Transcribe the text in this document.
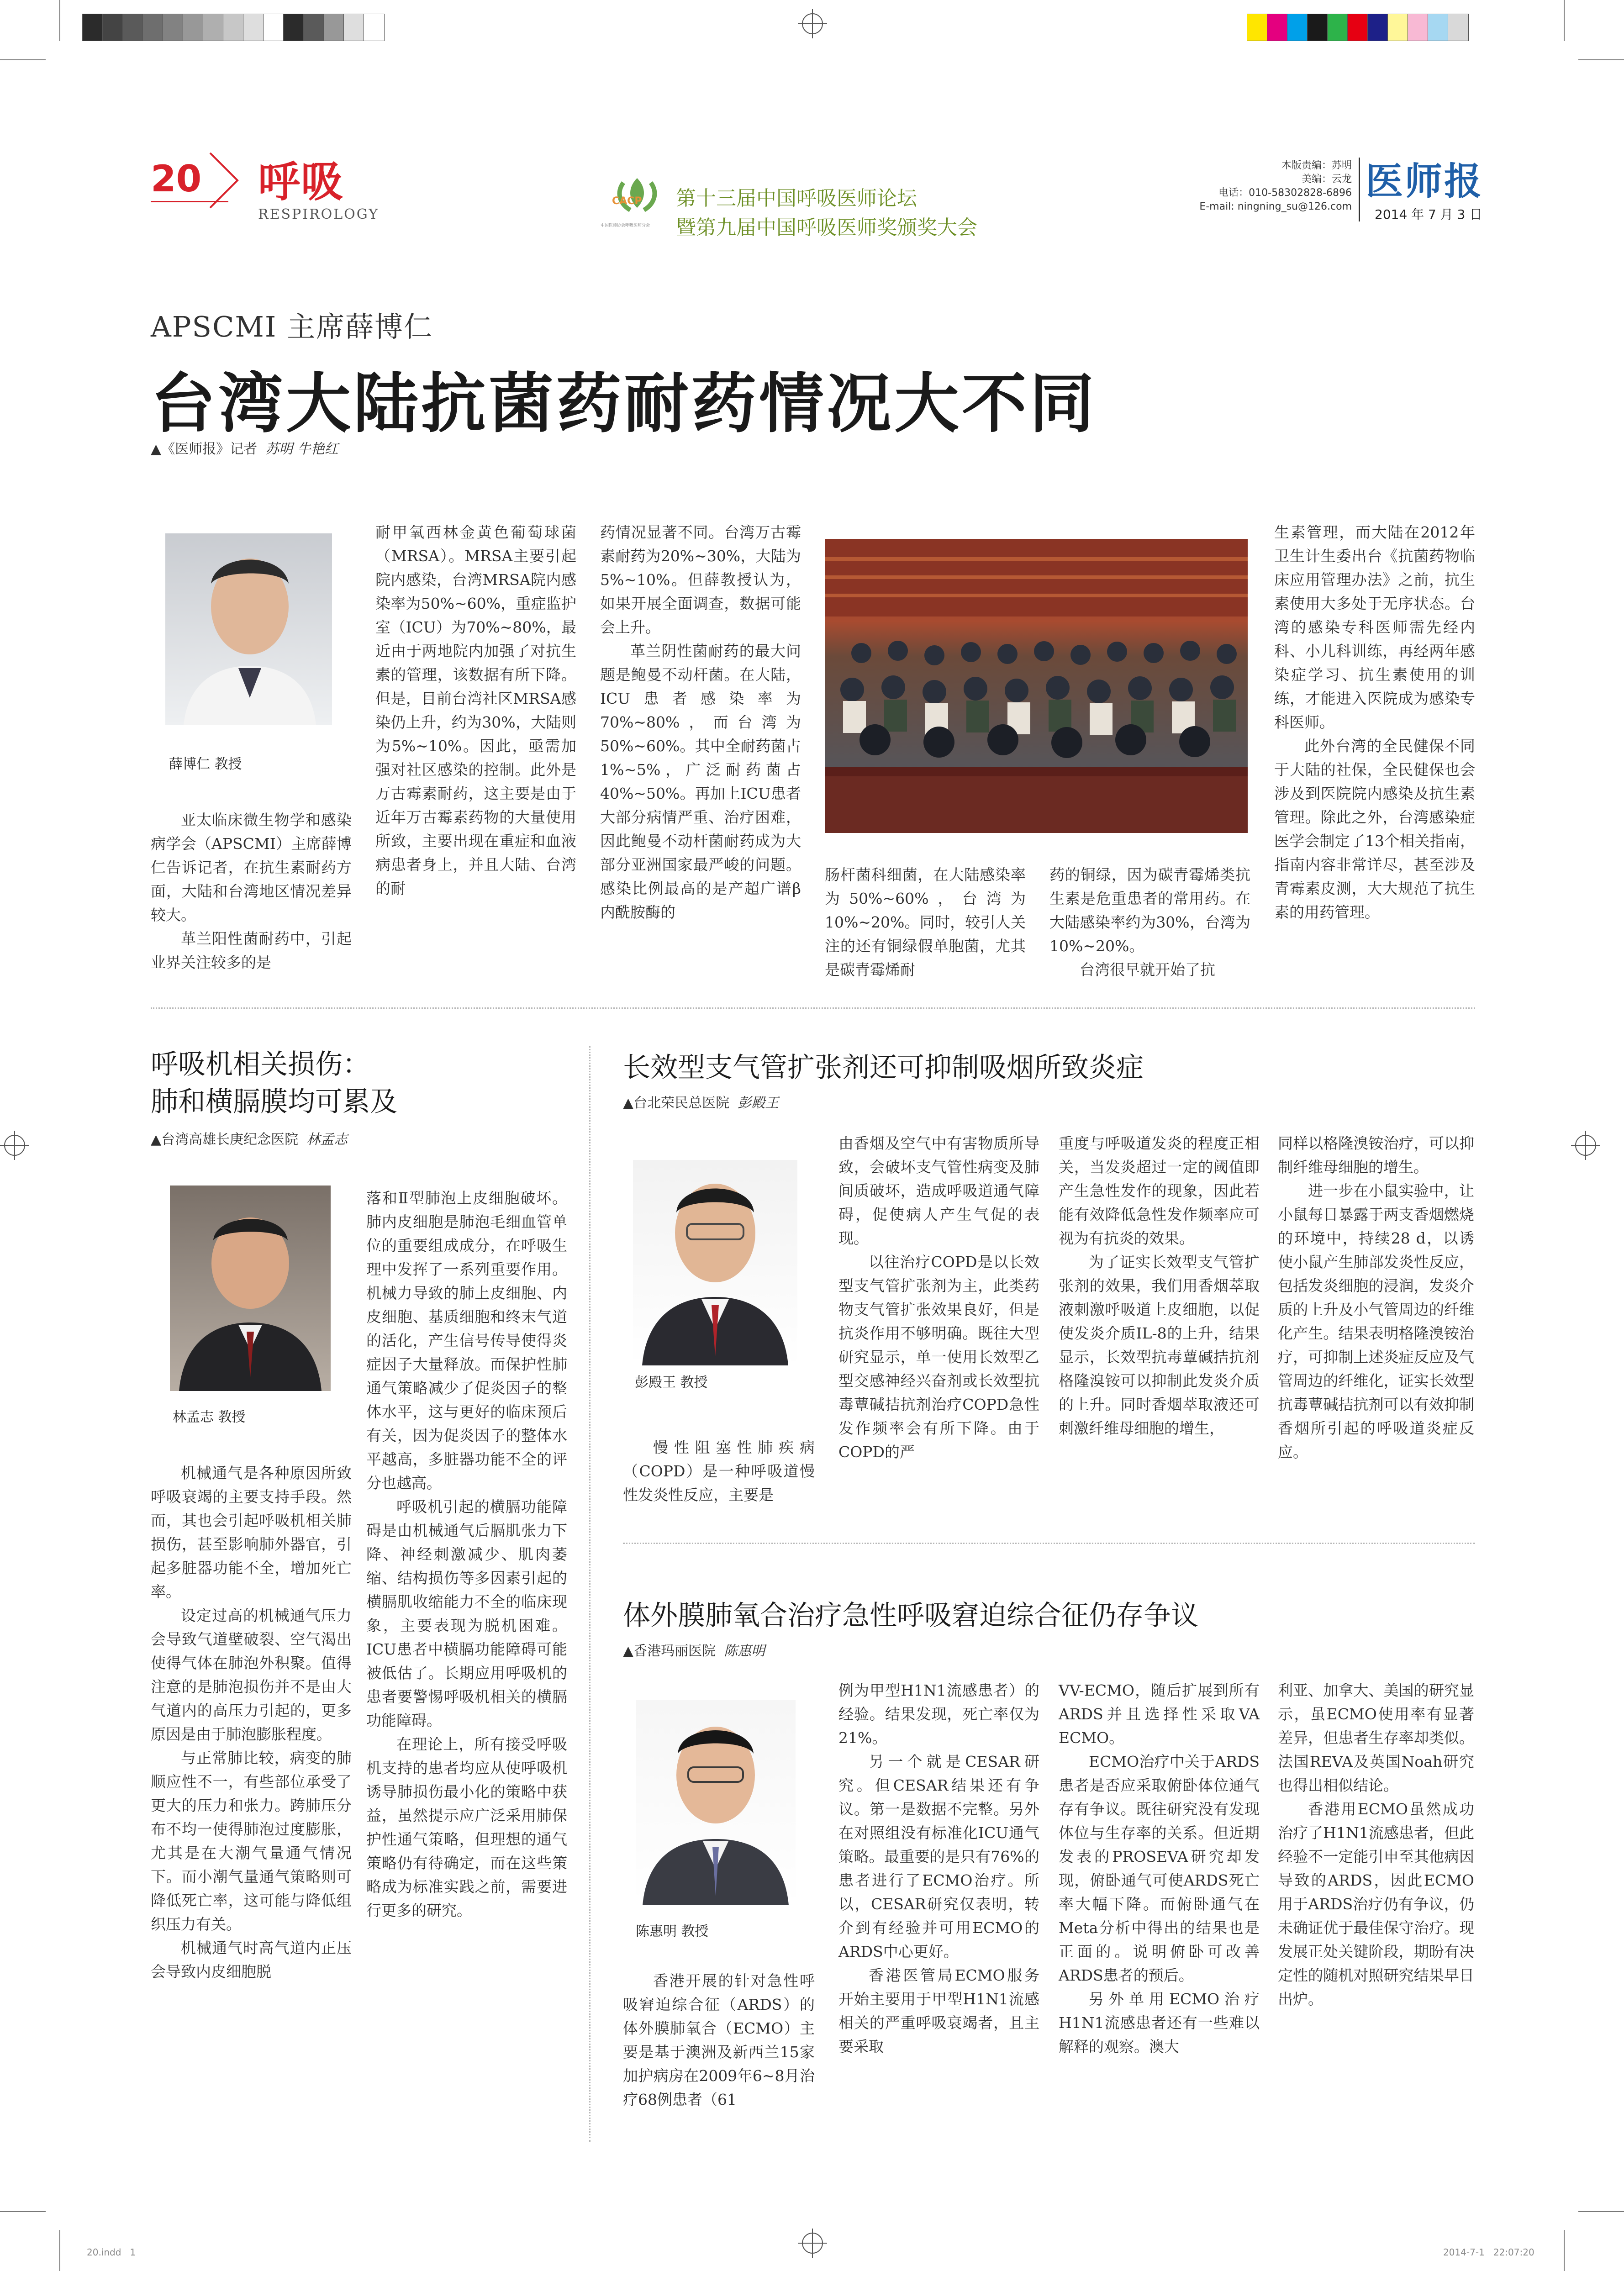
20 呼吸
RESPIROLOGY
CACP
中国医师协会呼吸医师分会
第十三届中国呼吸医师论坛
暨第九届中国呼吸医师奖颁奖大会
本版责编：苏明
美编：云龙
电话：010-58302828-6896
E-mail: ningning_su@126.com
医师报
2014 年 7 月 3 日
APSCMI 主席薛博仁
台湾大陆抗菌药耐药情况大不同
▲《医师报》记者 苏明 牛艳红
薛博仁 教授

亚太临床微生物学和感染病学会（APSCMI）主席薛博仁告诉记者，在抗生素耐药方面，大陆和台湾地区情况差异较大。

革兰阳性菌耐药中，引起业界关注较多的是

耐甲氧西林金黄色葡萄球菌（MRSA）。MRSA主要引起院内感染，台湾MRSA院内感染率为50%~60%，重症监护室（ICU）为70%~80%，最近由于两地院内加强了对抗生素的管理，该数据有所下降。但是，目前台湾社区MRSA感染仍上升，约为30%，大陆则为5%~10%。因此，亟需加强对社区感染的控制。此外是万古霉素耐药，这主要是由于近年万古霉素药物的大量使用所致，主要出现在重症和血液病患者身上，并且大陆、台湾的耐

药情况显著不同。台湾万古霉素耐药为20%~30%，大陆为5%~10%。但薛教授认为，如果开展全面调查，数据可能会上升。

革兰阴性菌耐药的最大问题是鲍曼不动杆菌。在大陆，ICU患者感染率为70%~80%，而台湾为50%~60%。其中全耐药菌占1%~5%，广泛耐药菌占40%~50%。再加上ICU患者大部分病情严重、治疗困难，因此鲍曼不动杆菌耐药成为大部分亚洲国家最严峻的问题。感染比例最高的是产超广谱β内酰胺酶的

肠杆菌科细菌，在大陆感染率为50%~60%，台湾为10%~20%。同时，较引人关注的还有铜绿假单胞菌，尤其是碳青霉烯耐

药的铜绿，因为碳青霉烯类抗生素是危重患者的常用药。在大陆感染率约为30%，台湾为10%~20%。

台湾很早就开始了抗

生素管理，而大陆在2012年卫生计生委出台《抗菌药物临床应用管理办法》之前，抗生素使用大多处于无序状态。台湾的感染专科医师需先经内科、小儿科训练，再经两年感染症学习、抗生素使用的训练，才能进入医院成为感染专科医师。

此外台湾的全民健保不同于大陆的社保，全民健保也会涉及到医院院内感染及抗生素管理。除此之外，台湾感染症医学会制定了13个相关指南，指南内容非常详尽，甚至涉及青霉素皮测，大大规范了抗生素的用药管理。

呼吸机相关损伤：
肺和横膈膜均可累及
▲台湾高雄长庚纪念医院 林孟志
林孟志 教授

机械通气是各种原因所致呼吸衰竭的主要支持手段。然而，其也会引起呼吸机相关肺损伤，甚至影响肺外器官，引起多脏器功能不全，增加死亡率。

设定过高的机械通气压力会导致气道壁破裂、空气渴出使得气体在肺泡外积聚。值得注意的是肺泡损伤并不是由大气道内的高压力引起的，更多原因是由于肺泡膨胀程度。

与正常肺比较，病变的肺顺应性不一，有些部位承受了更大的压力和张力。跨肺压分布不均一使得肺泡过度膨胀，尤其是在大潮气量通气情况下。而小潮气量通气策略则可降低死亡率，这可能与降低组织压力有关。

机械通气时高气道内正压会导致内皮细胞脱

落和Ⅱ型肺泡上皮细胞破坏。肺内皮细胞是肺泡毛细血管单位的重要组成成分，在呼吸生理中发挥了一系列重要作用。机械力导致的肺上皮细胞、内皮细胞、基质细胞和终末气道的活化，产生信号传导使得炎症因子大量释放。而保护性肺通气策略减少了促炎因子的整体水平，这与更好的临床预后有关，因为促炎因子的整体水平越高，多脏器功能不全的评分也越高。

呼吸机引起的横膈功能障碍是由机械通气后膈肌张力下降、神经刺激减少、肌肉萎缩、结构损伤等多因素引起的横膈肌收缩能力不全的临床现象，主要表现为脱机困难。ICU患者中横膈功能障碍可能被低估了。长期应用呼吸机的患者要警惕呼吸机相关的横膈功能障碍。

在理论上，所有接受呼吸机支持的患者均应从使呼吸机诱导肺损伤最小化的策略中获益，虽然提示应广泛采用肺保护性通气策略，但理想的通气策略仍有待确定，而在这些策略成为标准实践之前，需要进行更多的研究。

长效型支气管扩张剂还可抑制吸烟所致炎症
▲台北荣民总医院 彭殿王
彭殿王 教授

慢性阻塞性肺疾病（COPD）是一种呼吸道慢性发炎性反应，主要是

由香烟及空气中有害物质所导致，会破坏支气管性病变及肺间质破坏，造成呼吸道通气障碍，促使病人产生气促的表现。

以往治疗COPD是以长效型支气管扩张剂为主，此类药物支气管扩张效果良好，但是抗炎作用不够明确。既往大型研究显示，单一使用长效型乙型交感神经兴奋剂或长效型抗毒蕈碱拮抗剂治疗COPD急性发作频率会有所下降。由于COPD的严

重度与呼吸道发炎的程度正相关，当发炎超过一定的阈值即产生急性发作的现象，因此若能有效降低急性发作频率应可视为有抗炎的效果。

为了证实长效型支气管扩张剂的效果，我们用香烟萃取液刺激呼吸道上皮细胞，以促使发炎介质IL-8的上升，结果显示，长效型抗毒蕈碱拮抗剂格隆溴铵可以抑制此发炎介质的上升。同时香烟萃取液还可刺激纤维母细胞的增生，

同样以格隆溴铵治疗，可以抑制纤维母细胞的增生。

进一步在小鼠实验中，让小鼠每日暴露于两支香烟燃烧的环境中，持续28 d，以诱使小鼠产生肺部发炎性反应，包括发炎细胞的浸润，发炎介质的上升及小气管周边的纤维化产生。结果表明格隆溴铵治疗，可抑制上述炎症反应及气管周边的纤维化，证实长效型抗毒蕈碱拮抗剂可以有效抑制香烟所引起的呼吸道炎症反应。

体外膜肺氧合治疗急性呼吸窘迫综合征仍存争议
▲香港玛丽医院 陈惠明
陈惠明 教授

香港开展的针对急性呼吸窘迫综合征（ARDS）的体外膜肺氧合（ECMO）主要是基于澳洲及新西兰15家加护病房在2009年6~8月治疗68例患者（61

例为甲型H1N1流感患者）的经验。结果发现，死亡率仅为21%。

另一个就是CESAR研究。但CESAR结果还有争议。第一是数据不完整。另外在对照组没有标准化ICU通气策略。最重要的是只有76%的患者进行了ECMO治疗。所以，CESAR研究仅表明，转介到有经验并可用ECMO的ARDS中心更好。

香港医管局ECMO服务开始主要用于甲型H1N1流感相关的严重呼吸衰竭者，且主要采取

VV-ECMO，随后扩展到所有ARDS并且选择性采取VA ECMO。

ECMO治疗中关于ARDS患者是否应采取俯卧体位通气存有争议。既往研究没有发现体位与生存率的关系。但近期发表的PROSEVA研究却发现，俯卧通气可使ARDS死亡率大幅下降。而俯卧通气在Meta分析中得出的结果也是正面的。说明俯卧可改善ARDS患者的预后。

另外单用ECMO治疗H1N1流感患者还有一些难以解释的观察。澳大

利亚、加拿大、美国的研究显示，虽ECMO使用率有显著差异，但患者生存率却类似。法国REVA及英国Noah研究也得出相似结论。

香港用ECMO虽然成功治疗了H1N1流感患者，但此经验不一定能引申至其他病因导致的ARDS，因此ECMO用于ARDS治疗仍有争议，仍未确证优于最佳保守治疗。现发展正处关键阶段，期盼有决定性的随机对照研究结果早日出炉。

20.indd   1	2014-7-1   22:07:20
